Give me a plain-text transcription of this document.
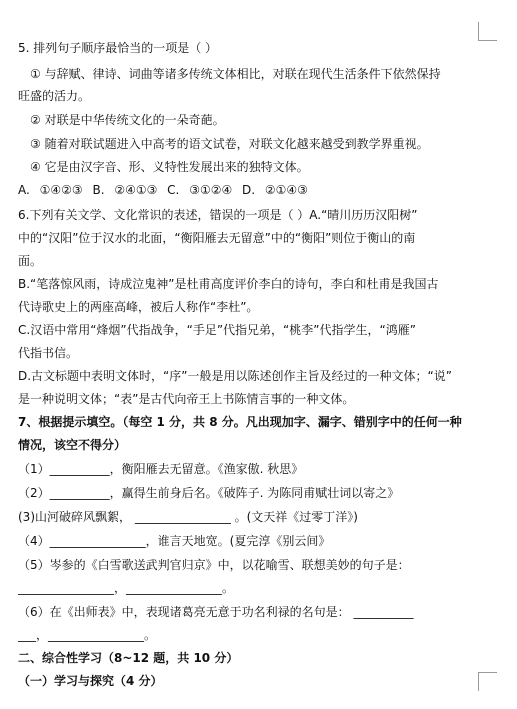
5. 排列句子顺序最恰当的一项是（ ）
① 与辞赋、律诗、词曲等诸多传统文体相比，对联在现代生活条件下依然保持
旺盛的活力。
② 对联是中华传统文化的一朵奇葩。
③ 随着对联试题进入中高考的语文试卷，对联文化越来越受到教学界重视。
④ 它是由汉字音、形、义特性发展出来的独特文体。
A. ①④②③ B. ②④①③ C. ③①②④ D. ②①④③
6.下列有关文学、文化常识的表述，错误的一项是（ ）A.“晴川历历汉阳树”
中的“汉阳”位于汉水的北面，“衡阳雁去无留意”中的“衡阳”则位于衡山的南
面。
B.“笔落惊风雨，诗成泣鬼神”是杜甫高度评价李白的诗句，李白和杜甫是我国古
代诗歌史上的两座高峰，被后人称作“李杜”。
C.汉语中常用“烽烟”代指战争，“手足”代指兄弟，“桃李”代指学生，“鸿雁”
代指书信。
D.古文标题中表明文体时，“序”一般是用以陈述创作主旨及经过的一种文体；“说”
是一种说明文体；“表”是古代向帝王上书陈情言事的一种文体。
7、根据提示填空。（每空 1 分，共 8 分。凡出现加字、漏字、错别字中的任何一种
情况，该空不得分）
（1）__________，衡阳雁去无留意。《渔家傲. 秋思》
（2）__________，赢得生前身后名。《破阵子. 为陈同甫赋壮词以寄之》
(3)山河破碎风飘絮， ________________ 。(文天祥《过零丁洋》)
（4）________________，谁言天地宽。(夏完淳《别云间》
（5）岑参的《白雪歌送武判官归京》中，以花喻雪、联想美妙的句子是：
________________，________________。
（6）在《出师表》中，表现诸葛亮无意于功名利禄的名句是： __________
___，________________。
二、综合性学习（8~12 题，共 10 分）
（一）学习与探究（4 分）
